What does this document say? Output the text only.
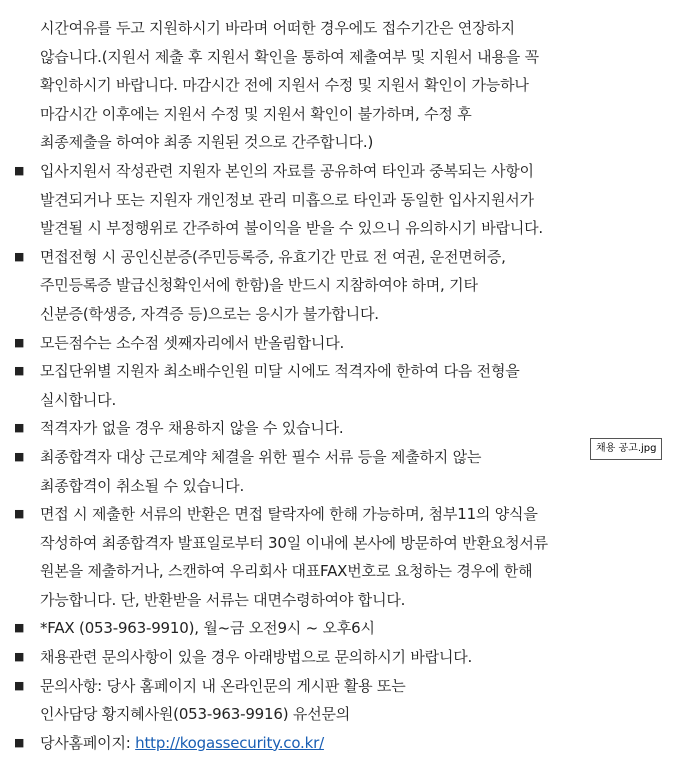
시간여유를 두고 지원하시기 바라며 어떠한 경우에도 접수기간은 연장하지
않습니다.(지원서 제출 후 지원서 확인을 통하여 제출여부 및 지원서 내용을 꼭
확인하시기 바랍니다. 마감시간 전에 지원서 수정 및 지원서 확인이 가능하나
마감시간 이후에는 지원서 수정 및 지원서 확인이 불가하며, 수정 후
최종제출을 하여야 최종 지원된 것으로 간주합니다.)
■ 입사지원서 작성관련 지원자 본인의 자료를 공유하여 타인과 중복되는 사항이
발견되거나 또는 지원자 개인정보 관리 미흡으로 타인과 동일한 입사지원서가
발견될 시 부정행위로 간주하여 불이익을 받을 수 있으니 유의하시기 바랍니다.
■ 면접전형 시 공인신분증(주민등록증, 유효기간 만료 전 여권, 운전면허증,
주민등록증 발급신청확인서에 한함)을 반드시 지참하여야 하며, 기타
신분증(학생증, 자격증 등)으로는 응시가 불가합니다.
■ 모든점수는 소수점 셋째자리에서 반올림합니다.
■ 모집단위별 지원자 최소배수인원 미달 시에도 적격자에 한하여 다음 전형을
실시합니다.
■ 적격자가 없을 경우 채용하지 않을 수 있습니다.
■ 최종합격자 대상 근로계약 체결을 위한 필수 서류 등을 제출하지 않는
최종합격이 취소될 수 있습니다.
■ 면접 시 제출한 서류의 반환은 면접 탈락자에 한해 가능하며, 첨부11의 양식을
작성하여 최종합격자 발표일로부터 30일 이내에 본사에 방문하여 반환요청서류
원본을 제출하거나, 스캔하여 우리회사 대표FAX번호로 요청하는 경우에 한해
가능합니다. 단, 반환받을 서류는 대면수령하여야 합니다.
■ *FAX (053-963-9910), 월~금 오전9시 ~ 오후6시
■ 채용관련 문의사항이 있을 경우 아래방법으로 문의하시기 바랍니다.
■ 문의사항: 당사 홈페이지 내 온라인문의 게시판 활용 또는
인사담당 황지혜사원(053-963-9916) 유선문의
■ 당사홈페이지: http://kogassecurity.co.kr/
채용 공고.jpg
